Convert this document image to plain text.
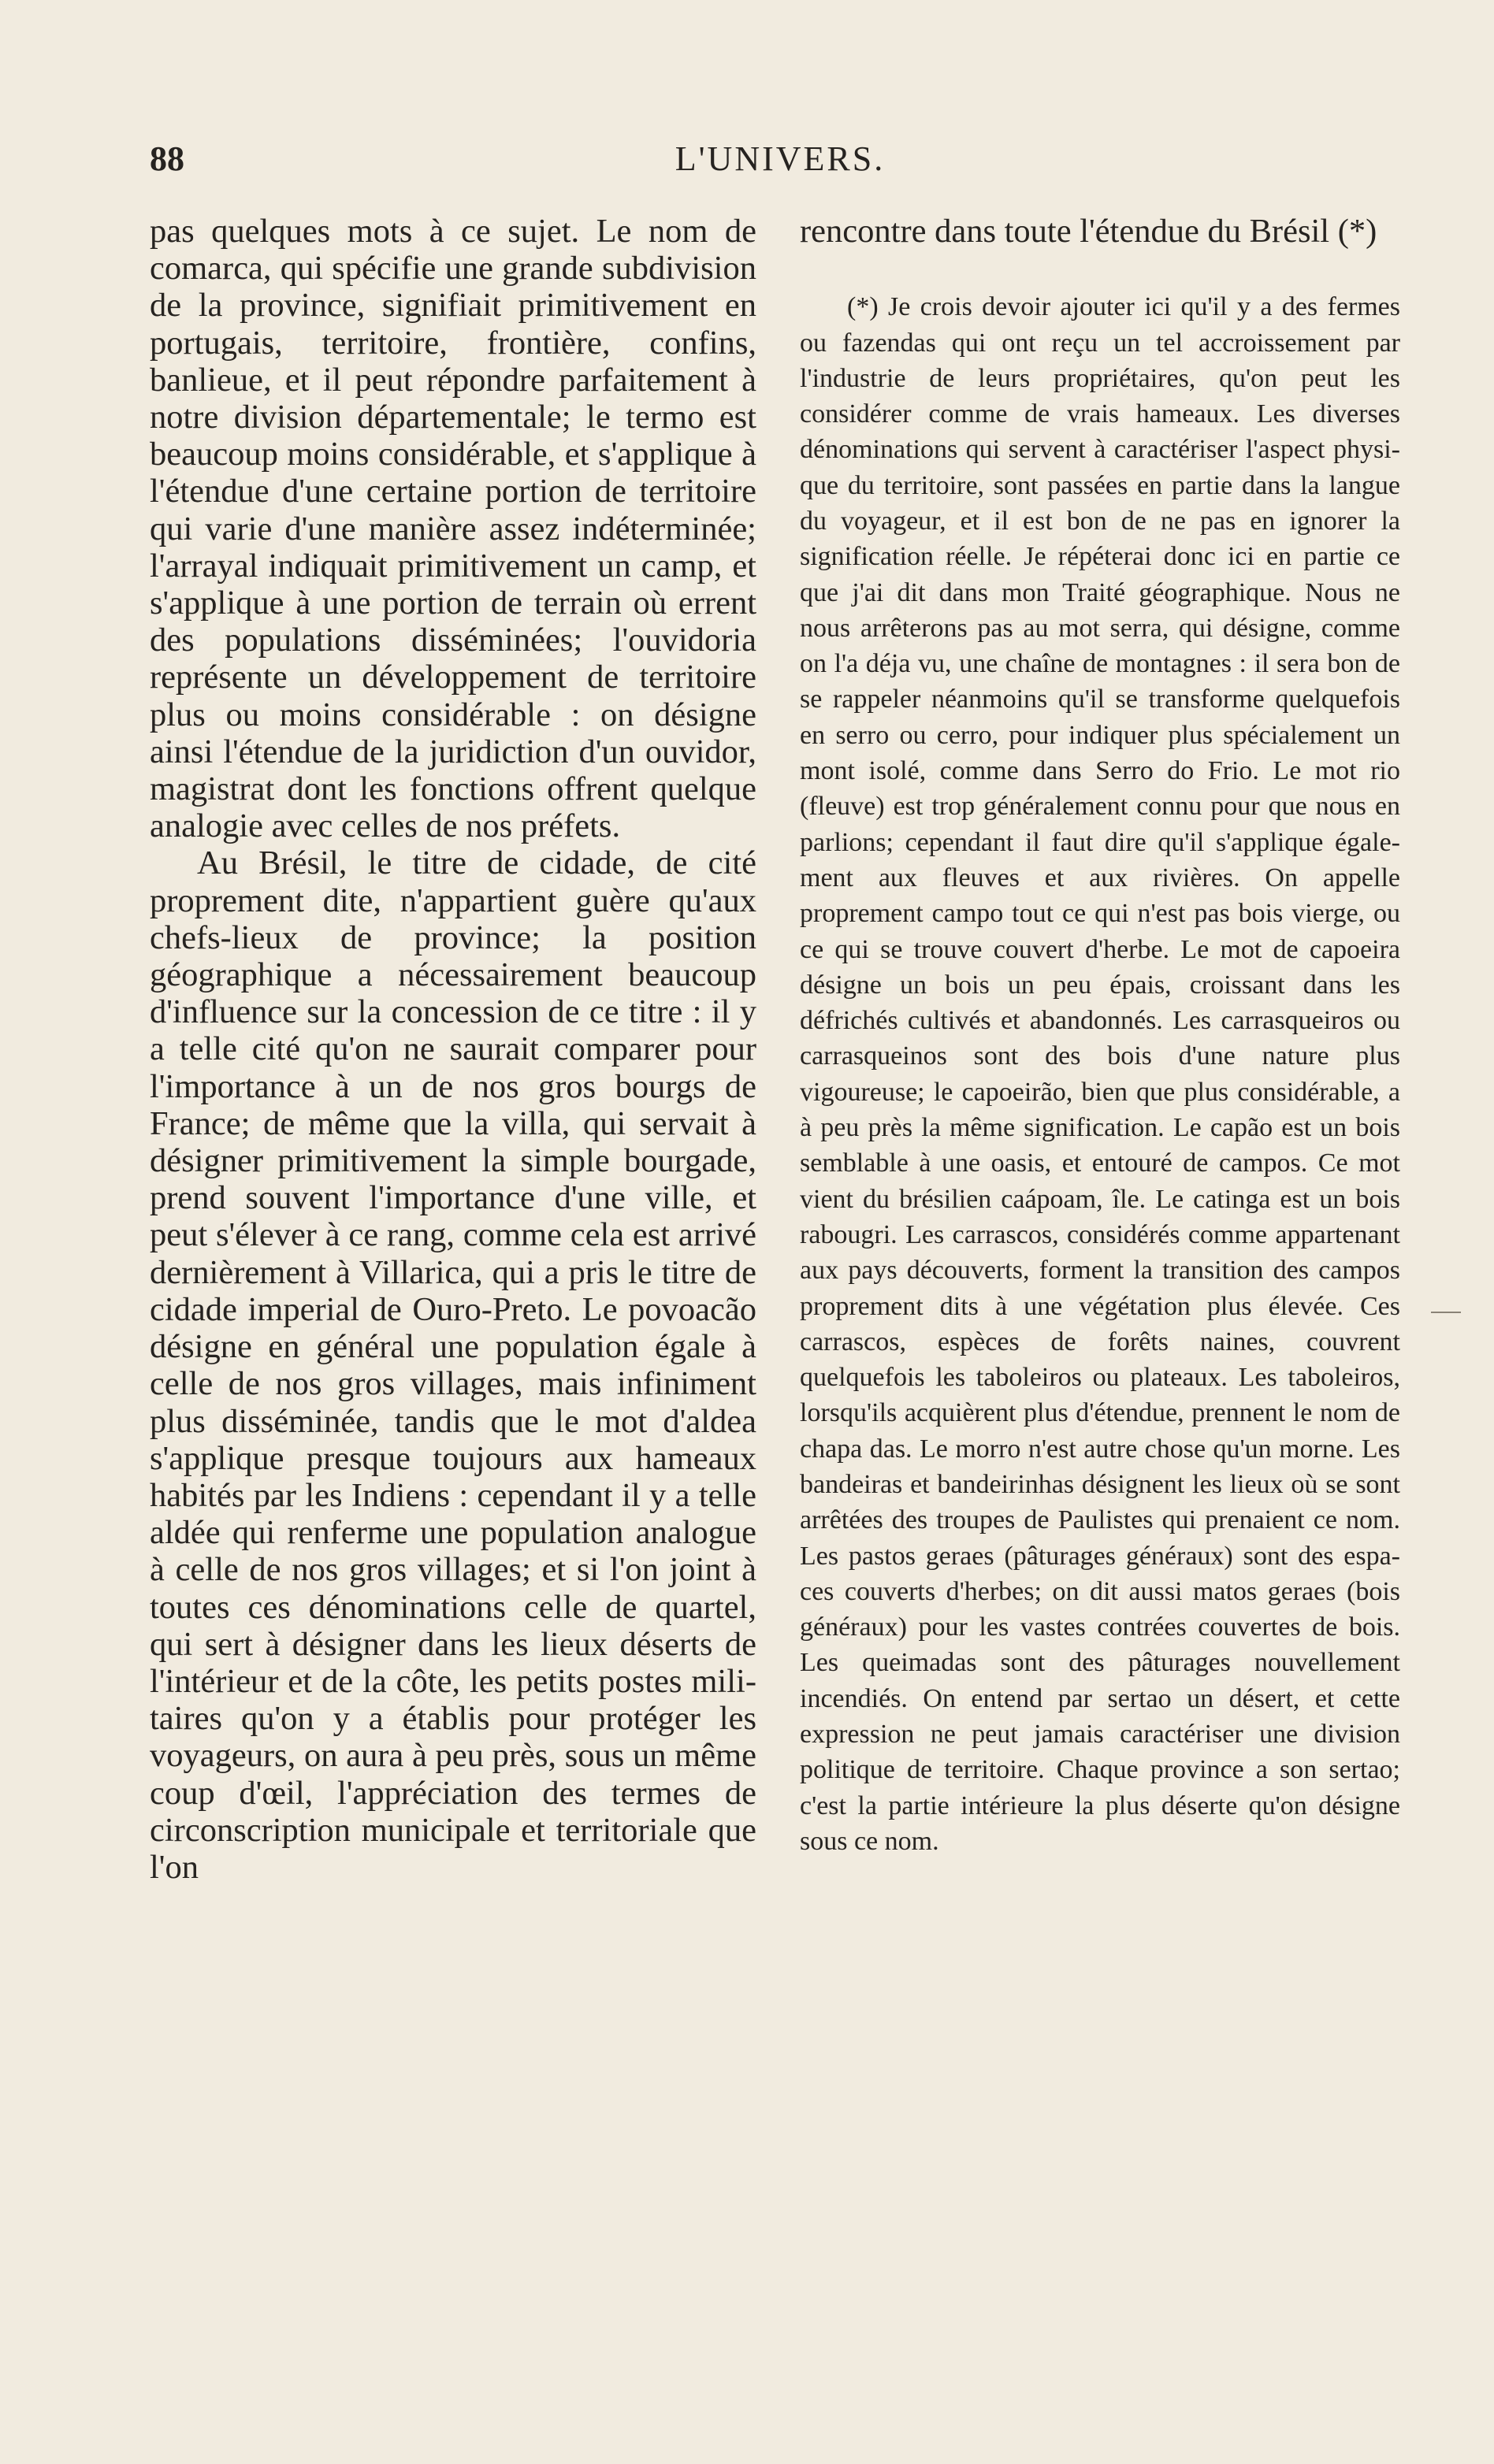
88	L'UNIVERS.

pas quelques mots à ce sujet. Le nom de comarca, qui spécifie une grande subdivision de la province, signifiait primitivement en portugais, territoire, frontière, confins, banlieue, et il peut répondre parfaitement à notre division départementale; le termo est beaucoup moins considérable, et s'applique à l'étendue d'une certaine portion de territoire qui varie d'une manière assez indéterminée; l'arrayal indiquait primitivement un camp, et s'applique à une portion de terrain où errent des populations disséminées; l'ouvidoria représente un développement de territoire plus ou moins considérable : on désigne ainsi l'étendue de la juridiction d'un ouvidor, magistrat dont les fonctions offrent quelque analogie avec celles de nos préfets.

Au Brésil, le titre de cidade, de cité proprement dite, n'appartient guère qu'aux chefs-lieux de province; la position géographique a nécessairement beaucoup d'influence sur la concession de ce titre : il y a telle cité qu'on ne saurait comparer pour l'importance à un de nos gros bourgs de France; de même que la villa, qui servait à désigner primitivement la simple bourgade, prend souvent l'importance d'une ville, et peut s'élever à ce rang, comme cela est arrivé dernièrement à Villarica, qui a pris le titre de cidade imperial de Ouro-Preto. Le povoacão désigne en général une population égale à celle de nos gros villages, mais infiniment plus disséminée, tandis que le mot d'aldea s'applique presque toujours aux hameaux habités par les Indiens : cependant il y a telle aldée qui renferme une population analogue à celle de nos gros villages; et si l'on joint à toutes ces dénominations celle de quartel, qui sert à désigner dans les lieux déserts de l'intérieur et de la côte, les petits postes militaires qu'on y a établis pour protéger les voyageurs, on aura à peu près, sous un même coup d'œil, l'appréciation des termes de circonscription municipale et territoriale que l'on

rencontre dans toute l'étendue du Brésil (*)

(*) Je crois devoir ajouter ici qu'il y a des fermes ou fazendas qui ont reçu un tel accroissement par l'industrie de leurs propriétaires, qu'on peut les considérer comme de vrais hameaux. Les diverses dénominations qui servent à caractériser l'aspect physique du territoire, sont passées en partie dans la langue du voyageur, et il est bon de ne pas en ignorer la signification réelle. Je répéterai donc ici en partie ce que j'ai dit dans mon Traité géographique. Nous ne nous arrêterons pas au mot serra, qui désigne, comme on l'a déja vu, une chaîne de montagnes : il sera bon de se rappeler néanmoins qu'il se transforme quelquefois en serro ou cerro, pour indiquer plus spécialement un mont isolé, comme dans Serro do Frio. Le mot rio (fleuve) est trop généralement connu pour que nous en parlions; cependant il faut dire qu'il s'applique également aux fleuves et aux rivières. On appelle proprement campo tout ce qui n'est pas bois vierge, ou ce qui se trouve couvert d'herbe. Le mot de capoeira désigne un bois un peu épais, croissant dans les défrichés cultivés et abandonnés. Les carrasqueiros ou carrasqueinos sont des bois d'une nature plus vigoureuse; le capoeirão, bien que plus considérable, a à peu près la même signification. Le capão est un bois semblable à une oasis, et entouré de campos. Ce mot vient du brésilien caápoam, île. Le catinga est un bois rabougri. Les carrascos, considérés comme appartenant aux pays découverts, forment la transition des campos proprement dits à une végétation plus élevée. Ces carrascos, espèces de forêts naines, couvrent quelquefois les taboleiros ou plateaux. Les taboleiros, lorsqu'ils acquièrent plus d'étendue, prennent le nom de chapa das. Le morro n'est autre chose qu'un morne. Les bandeiras et bandeirinhas désignent les lieux où se sont arrêtées des troupes de Paulistes qui prenaient ce nom. Les pastos geraes (pâturages généraux) sont des espaces couverts d'herbes; on dit aussi matos geraes (bois généraux) pour les vastes contrées couvertes de bois. Les queimadas sont des pâturages nouvellement incendiés. On entend par sertao un désert, et cette expression ne peut jamais caractériser une division politique de territoire. Chaque province a son sertao; c'est la partie intérieure la plus déserte qu'on désigne sous ce nom.
